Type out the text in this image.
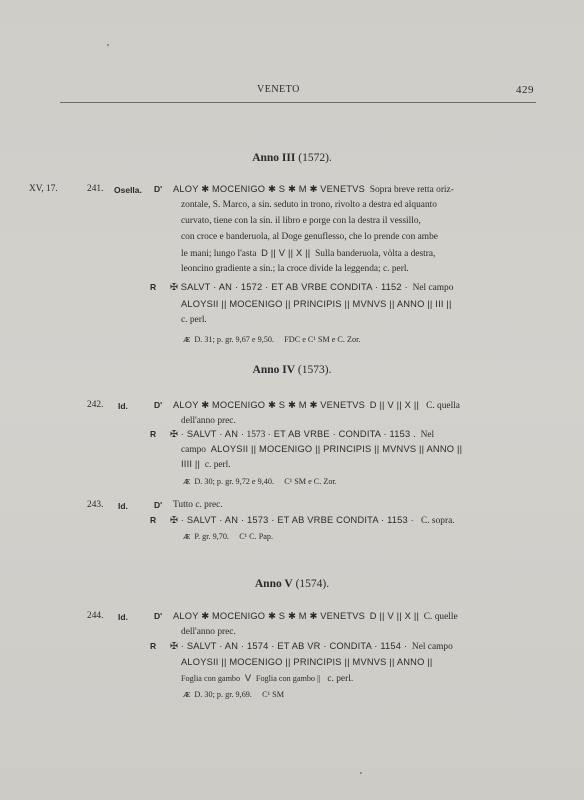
VENETO	429
Anno III (1572).
XV, 17.	241. Osella. D' ALOY ✱ MOCENIGO ✱ S ✱ M ✱ VENETVS Sopra breve retta oriz-
zontale, S. Marco, a sin. seduto in trono, rivolto a destra ed alquanto
curvato, tiene con la sin. il libro e porge con la destra il vessillo,
con croce e banderuola, al Doge genuflesso, che lo prende con ambe
le mani; lungo l'asta D || V || X || Sulla banderuola, vòlta a destra,
leoncino gradiente a sin.; la croce divide la leggenda; c. perl.
R ✠ SALVT · AN · 1572 · ET AB VRBE CONDITA · 1152 · Nel campo
ALOYSII || MOCENIGO || PRINCIPIS || MVNVS || ANNO || III ||
c. perl.
Æ D. 31; p. gr. 9,67 e 9,50. FDC e C¹ SM e C. Zor.
Anno IV (1573).
242. Id.	D' ALOY ✱ MOCENIGO ✱ S ✱ M ✱ VENETVS D || V || X || C. quella
dell'anno prec.
R ✠ · SALVT · AN · 1573 · ET AB VRBE · CONDITA · 1153 . Nel
campo ALOYSII || MOCENIGO || PRINCIPIS || MVNVS || ANNO ||
IIII || c. perl.
Æ D. 30; p. gr. 9,72 e 9,40. C¹ SM e C. Zor.
243. Id.	D' Tutto c. prec.
R ✠ · SALVT · AN · 1573 · ET AB VRBE CONDITA · 1153 · C. sopra.
Æ P. gr. 9,70. C¹ C. Pap.
Anno V (1574).
244. Id.	D' ALOY ✱ MOCENIGO ✱ S ✱ M ✱ VENETVS D || V || X || C. quelle
dell'anno prec.
R ✠ · SALVT · AN · 1574 · ET AB VR · CONDITA · 1154 · Nel campo
ALOYSII || MOCENIGO || PRINCIPIS || MVNVS || ANNO ||
Foglia con gambo V Foglia con gambo || c. perl.
Æ D. 30; p. gr. 9,69. C¹ SM
